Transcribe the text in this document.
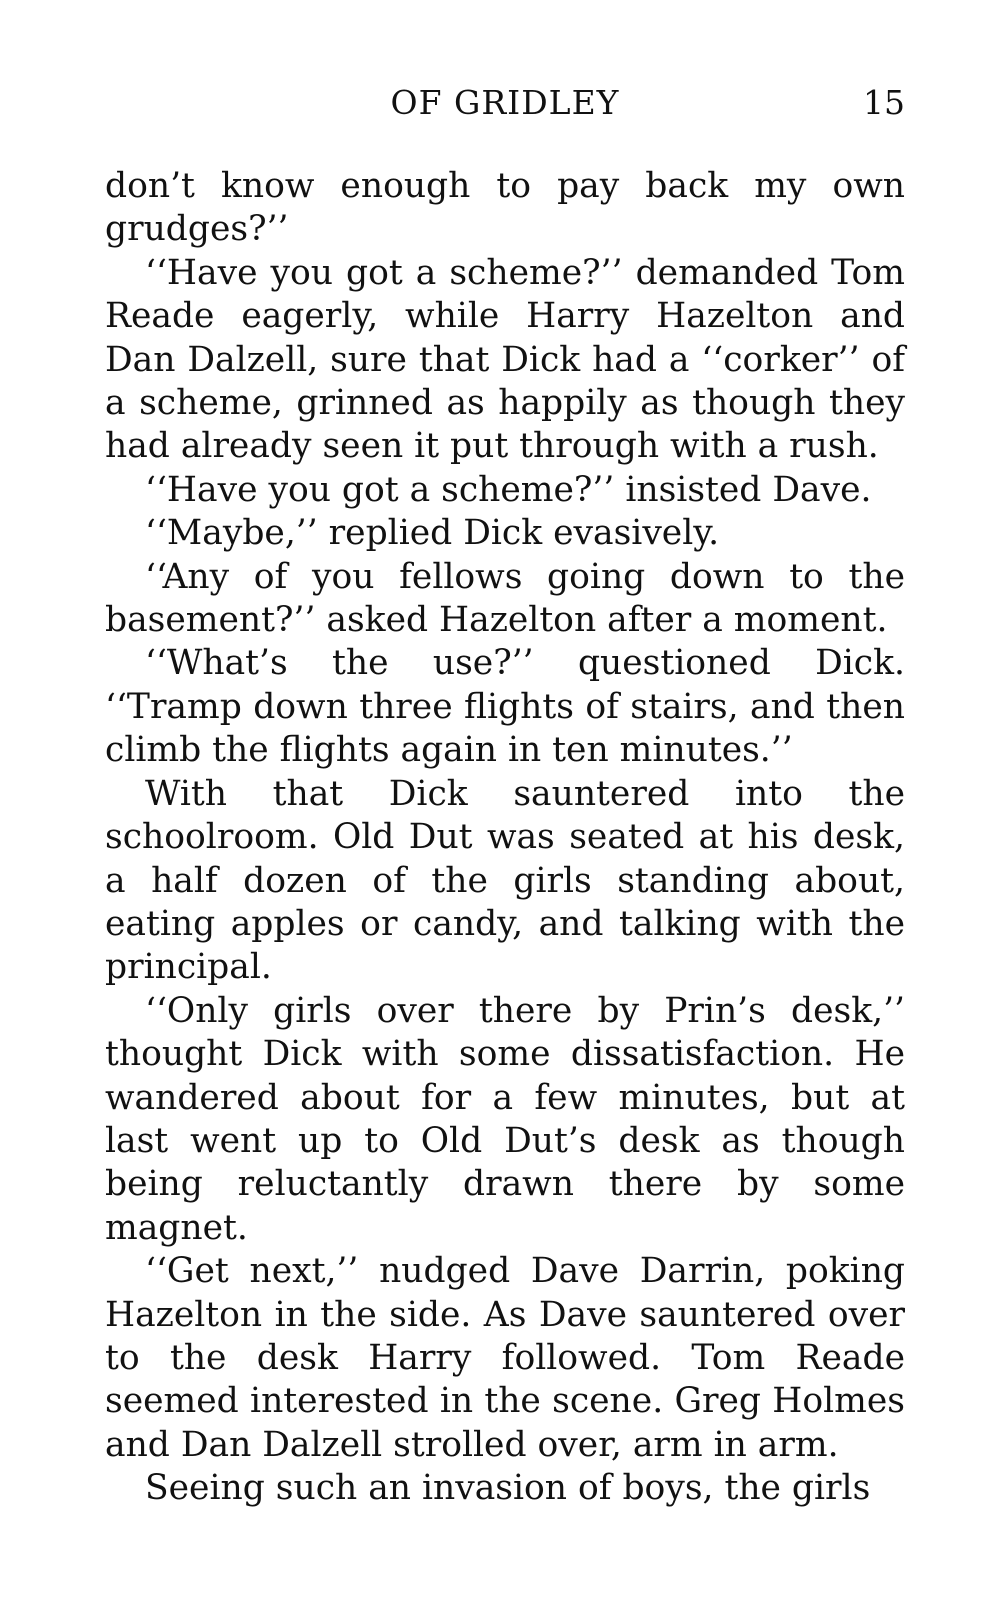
OF GRIDLEY	15

don’t know enough to pay back my own grudges?’’

‘‘Have you got a scheme?’’ demanded Tom Reade eagerly, while Harry Hazelton and Dan Dalzell, sure that Dick had a ‘‘corker’’ of a scheme, grinned as happily as though they had already seen it put through with a rush.

‘‘Have you got a scheme?’’ insisted Dave.

‘‘Maybe,’’ replied Dick evasively.

‘‘Any of you fellows going down to the basement?’’ asked Hazelton after a moment.

‘‘What’s the use?’’ questioned Dick. ‘‘Tramp down three flights of stairs, and then climb the flights again in ten minutes.’’

With that Dick sauntered into the schoolroom. Old Dut was seated at his desk, a half dozen of the girls standing about, eating apples or candy, and talking with the principal.

‘‘Only girls over there by Prin’s desk,’’ thought Dick with some dissatisfaction. He wandered about for a few minutes, but at last went up to Old Dut’s desk as though being reluctantly drawn there by some magnet.

‘‘Get next,’’ nudged Dave Darrin, poking Hazelton in the side. As Dave sauntered over to the desk Harry followed. Tom Reade seemed interested in the scene. Greg Holmes and Dan Dalzell strolled over, arm in arm.

Seeing such an invasion of boys, the girls
